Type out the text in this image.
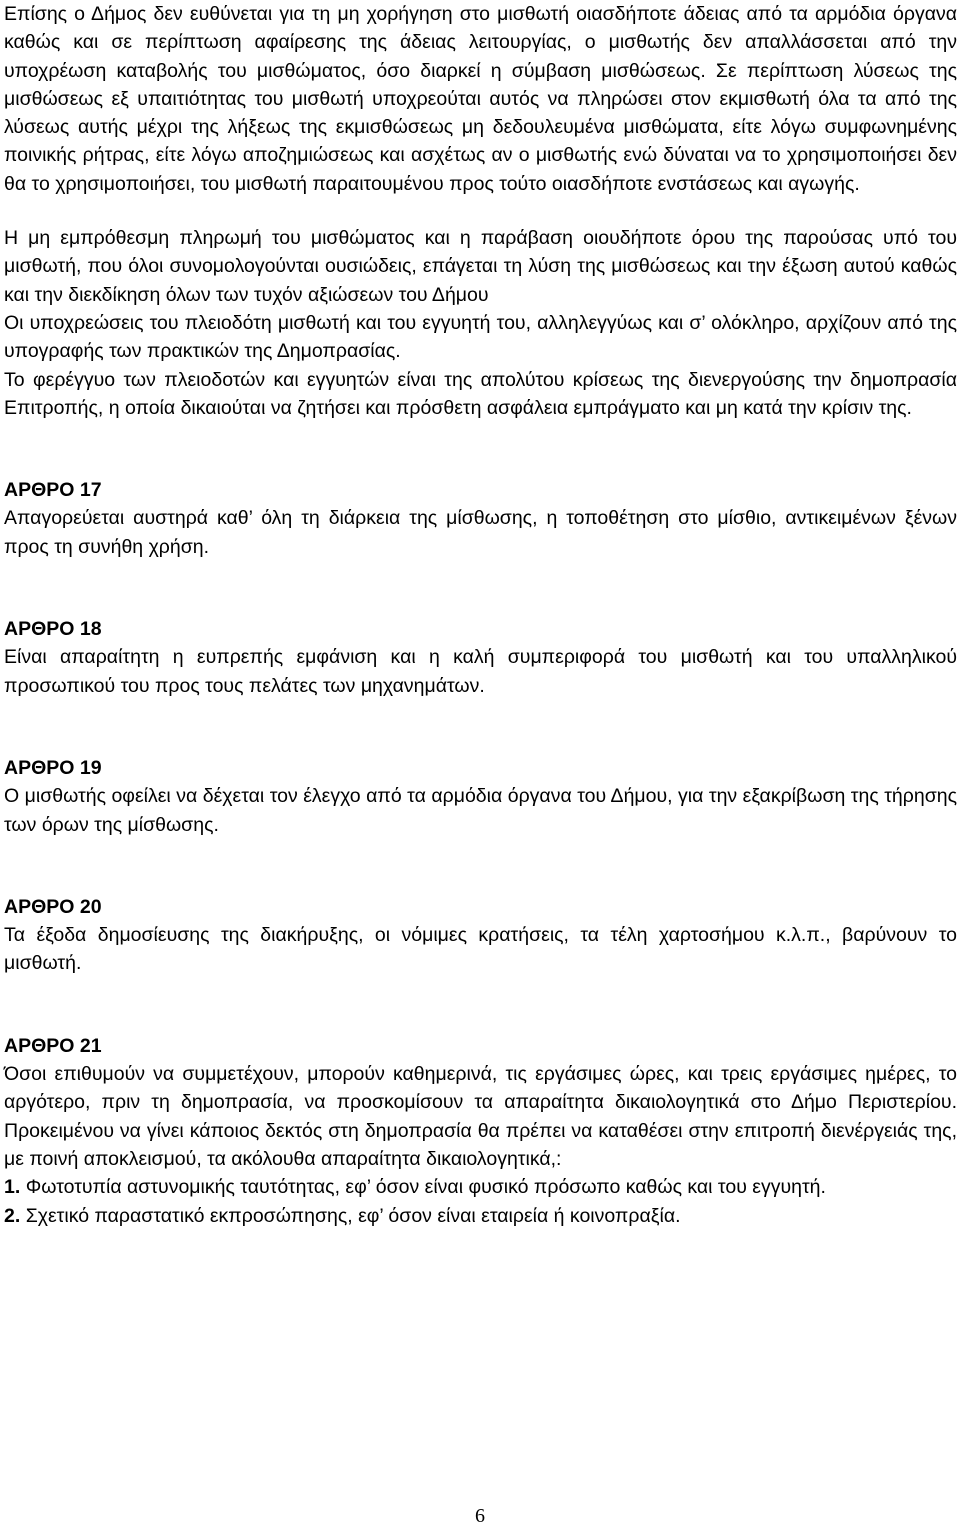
Επίσης ο Δήμος δεν ευθύνεται για τη μη χορήγηση στο μισθωτή οιασδήποτε άδειας από τα αρμόδια όργανα καθώς και σε περίπτωση αφαίρεσης της άδειας λειτουργίας, ο μισθωτής δεν απαλλάσσεται από την υποχρέωση καταβολής του μισθώματος, όσο διαρκεί η σύμβαση μισθώσεως. Σε περίπτωση λύσεως της μισθώσεως εξ υπαιτιότητας του μισθωτή υποχρεούται αυτός να πληρώσει στον εκμισθωτή όλα τα από της λύσεως αυτής μέχρι της λήξεως της εκμισθώσεως μη δεδουλευμένα μισθώματα, είτε λόγω συμφωνημένης ποινικής ρήτρας, είτε λόγω αποζημιώσεως και ασχέτως αν ο μισθωτής ενώ δύναται να το χρησιμοποιήσει δεν θα το χρησιμοποιήσει, του μισθωτή παραιτουμένου προς τούτο οιασδήποτε ενστάσεως και αγωγής.

Η μη εμπρόθεσμη πληρωμή του μισθώματος και η παράβαση οιουδήποτε όρου της παρούσας υπό του μισθωτή, που όλοι συνομολογούνται ουσιώδεις, επάγεται τη λύση της μισθώσεως και την έξωση αυτού καθώς και την διεκδίκηση όλων των τυχόν αξιώσεων του Δήμου

Οι υποχρεώσεις του πλειοδότη μισθωτή και του εγγυητή του, αλληλεγγύως και σ’ ολόκληρο, αρχίζουν από της υπογραφής των πρακτικών της Δημοπρασίας.

Το φερέγγυο των πλειοδοτών και εγγυητών είναι της απολύτου κρίσεως της διενεργούσης την δημοπρασία Επιτροπής, η οποία δικαιούται να ζητήσει και πρόσθετη ασφάλεια εμπράγματο και μη κατά την κρίσιν της.

ΑΡΘΡΟ 17

Απαγορεύεται αυστηρά καθ’ όλη τη διάρκεια της μίσθωσης, η τοποθέτηση στο μίσθιο, αντικειμένων ξένων προς τη συνήθη χρήση.

ΑΡΘΡΟ 18

Είναι απαραίτητη η ευπρεπής εμφάνιση και η καλή συμπεριφορά του μισθωτή και του υπαλληλικού προσωπικού του προς τους πελάτες των μηχανημάτων.

ΑΡΘΡΟ 19

Ο μισθωτής οφείλει να δέχεται τον έλεγχο από τα αρμόδια όργανα του Δήμου, για την εξακρίβωση της τήρησης των όρων της μίσθωσης.

ΑΡΘΡΟ 20

Τα έξοδα δημοσίευσης της διακήρυξης, οι νόμιμες κρατήσεις, τα τέλη χαρτοσήμου κ.λ.π., βαρύνουν το μισθωτή.

ΑΡΘΡΟ 21

Όσοι επιθυμούν να συμμετέχουν, μπορούν καθημερινά, τις εργάσιμες ώρες, και τρεις εργάσιμες ημέρες, το αργότερο, πριν τη δημοπρασία, να προσκομίσουν τα απαραίτητα δικαιολογητικά στο Δήμο Περιστερίου. Προκειμένου να γίνει κάποιος δεκτός στη δημοπρασία θα πρέπει να καταθέσει στην επιτροπή διενέργειάς της, με ποινή αποκλεισμού, τα ακόλουθα απαραίτητα δικαιολογητικά,:

1. Φωτοτυπία αστυνομικής ταυτότητας, εφ’ όσον είναι φυσικό πρόσωπο καθώς και του εγγυητή.

2. Σχετικό παραστατικό εκπροσώπησης, εφ’ όσον είναι εταιρεία ή κοινοπραξία.

6
